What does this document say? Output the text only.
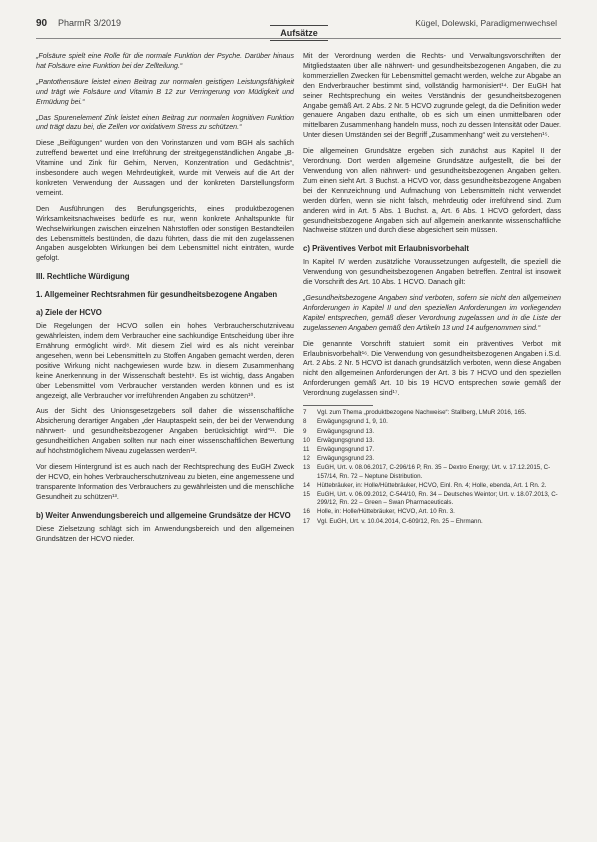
90 PharmR 3/2019
Aufsätze
Kügel, Dolewski, Paradigmenwechsel

„Folsäure spielt eine Rolle für die normale Funktion der Psyche. Darüber hinaus hat Folsäure eine Funktion bei der Zellteilung.“

„Pantothensäure leistet einen Beitrag zur normalen geistigen Leistungsfähigkeit und trägt wie Folsäure und Vitamin B 12 zur Verringerung von Müdigkeit und Ermüdung bei.“

„Das Spurenelement Zink leistet einen Beitrag zur normalen kognitiven Funktion und trägt dazu bei, die Zellen vor oxidativem Stress zu schützen.“

Diese „Beifügungen“ wurden von den Vorinstanzen und vom BGH als sachlich zutreffend bewertet und eine Irreführung der streitgegenständlichen Angabe „B-Vitamine und Zink für Gehirn, Nerven, Konzentration und Gedächtnis“, insbesondere auch wegen Mehrdeutigkeit, wurde mit Verweis auf die Art der konkreten Verwendung der Aussagen und der konkreten Darstellungsform verneint.

Den Ausführungen des Berufungsgerichts, eines produktbezogenen Wirksamkeitsnachweises bedürfe es nur, wenn konkrete Anhaltspunkte für Wechselwirkungen zwischen einzelnen Nährstoffen oder sonstigen Bestandteilen des Lebensmittels bestünden, die dazu führten, dass die mit den zugelassenen Angaben ausgelobten Wirkungen bei dem Lebensmittel nicht einträten, wurde gefolgt.

III. Rechtliche Würdigung
1. Allgemeiner Rechtsrahmen für gesundheitsbezogene Angaben
a) Ziele der HCVO

Die Regelungen der HCVO sollen ein hohes Verbraucherschutzniveau gewährleisten, indem dem Verbraucher eine sachkundige Entscheidung über ihre Ernährung ermöglicht wird⁸. Mit diesem Ziel wird es als nicht vereinbar angesehen, wenn bei Lebensmitteln zu Stoffen Angaben gemacht werden, deren positive Wirkung nicht nachgewiesen wurde bzw. in diesem Zusammenhang keine Anerkennung in der Wissenschaft besteht⁹. Es ist wichtig, dass Angaben über Lebensmittel vom Verbraucher verstanden werden können und es ist angezeigt, alle Verbraucher vor irreführenden Angaben zu schützen¹⁰.

Aus der Sicht des Unionsgesetzgebers soll daher die wissenschaftliche Absicherung derartiger Angaben „der Hauptaspekt sein, der bei der Verwendung nährwert- und gesundheitsbezogener Angaben berücksichtigt wird“¹¹. Die gesundheitlichen Angaben sollten nur nach einer wissenschaftlichen Bewertung auf höchstmöglichem Niveau zugelassen werden¹².

Vor diesem Hintergrund ist es auch nach der Rechtsprechung des EuGH Zweck der HCVO, ein hohes Verbraucherschutzniveau zu bieten, eine angemessene und transparente Information des Verbrauchers zu gewährleisten und die menschliche Gesundheit zu schützen¹³.

b) Weiter Anwendungsbereich und allgemeine Grundsätze der HCVO

Diese Zielsetzung schlägt sich im Anwendungsbereich und den allgemeinen Grundsätzen der HCVO nieder.

Mit der Verordnung werden die Rechts- und Verwaltungsvorschriften der Mitgliedstaaten über alle nährwert- und gesundheitsbezogenen Angaben, die zu kommerziellen Zwecken für Lebensmittel gemacht werden, welche zur Abgabe an den Endverbraucher bestimmt sind, vollständig harmonisiert¹⁴. Der EuGH hat seiner Rechtsprechung ein weites Verständnis der gesundheitsbezogenen Angabe gemäß Art. 2 Abs. 2 Nr. 5 HCVO zugrunde gelegt, da die Definition weder genauere Angaben dazu enthalte, ob es sich um einen unmittelbaren oder mittelbaren Zusammenhang handeln muss, noch zu dessen Intensität oder Dauer. Unter diesen Umständen sei der Begriff „Zusammenhang“ weit zu verstehen¹⁵.

Die allgemeinen Grundsätze ergeben sich zunächst aus Kapitel II der Verordnung. Dort werden allgemeine Grundsätze aufgestellt, die bei der Verwendung von allen nährwert- und gesundheitsbezogenen Angaben gelten. Zum einen sieht Art. 3 Buchst. a HCVO vor, dass gesundheitsbezogene Angaben bei der Kennzeichnung und Aufmachung von Lebensmitteln nicht verwendet werden dürfen, wenn sie nicht falsch, mehrdeutig oder irreführend sind. Zum anderen wird in Art. 5 Abs. 1 Buchst. a, Art. 6 Abs. 1 HCVO gefordert, dass gesundheitsbezogene Angaben sich auf allgemein anerkannte wissenschaftliche Nachweise stützen und durch diese abgesichert sein müssen.

c) Präventives Verbot mit Erlaubnisvorbehalt

In Kapitel IV werden zusätzliche Voraussetzungen aufgestellt, die speziell die Verwendung von gesundheitsbezogenen Angaben betreffen. Zentral ist insoweit die Vorschrift des Art. 10 Abs. 1 HCVO. Danach gilt:

„Gesundheitsbezogene Angaben sind verboten, sofern sie nicht den allgemeinen Anforderungen in Kapitel II und den speziellen Anforderungen im vorliegenden Kapitel entsprechen, gemäß dieser Verordnung zugelassen und in die Liste der zugelassenen Angaben gemäß den Artikeln 13 und 14 aufgenommen sind.“

Die genannte Vorschrift statuiert somit ein präventives Verbot mit Erlaubnisvorbehalt¹⁶. Die Verwendung von gesundheitsbezogenen Angaben i.S.d. Art. 2 Abs. 2 Nr. 5 HCVO ist danach grundsätzlich verboten, wenn diese Angaben nicht den allgemeinen Anforderungen der Art. 3 bis 7 HCVO und den speziellen Anforderungen gemäß Art. 10 bis 19 HCVO entsprechen sowie gemäß der Verordnung zugelassen sind¹⁷.

7	Vgl. zum Thema „produktbezogene Nachweise“: Stallberg, LMuR 2016, 165.
8	Erwägungsgrund 1, 9, 10.
9	Erwägungsgrund 13.
10	Erwägungsgrund 13.
11	Erwägungsgrund 17.
12	Erwägungsgrund 23.
13	EuGH, Urt. v. 08.06.2017, C-296/16 P, Rn. 35 – Dextro Energy; Urt. v. 17.12.2015, C-157/14, Rn. 72 – Neptune Distribution.
14	Hüttebräuker, in: Holle/Hüttebräuker, HCVO, Einl. Rn. 4; Holle, ebenda, Art. 1 Rn. 2.
15	EuGH, Urt. v. 06.09.2012, C-544/10, Rn. 34 – Deutsches Weintor; Urt. v. 18.07.2013, C-299/12, Rn. 22 – Green – Swan Pharmaceuticals.
16	Holle, in: Holle/Hüttebräuker, HCVO, Art. 10 Rn. 3.
17	Vgl. EuGH, Urt. v. 10.04.2014, C-609/12, Rn. 25 – Ehrmann.
